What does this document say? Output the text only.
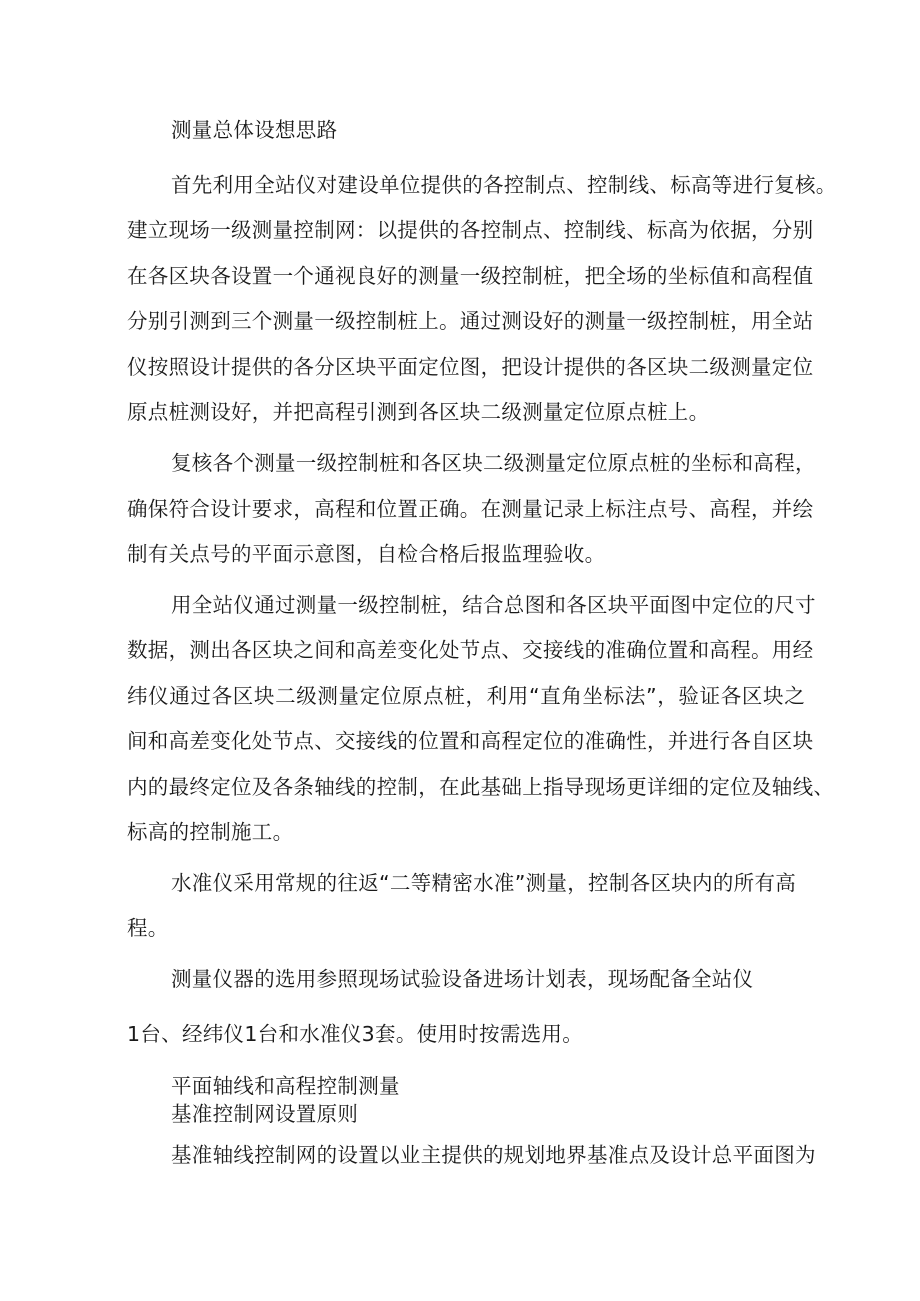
测量总体设想思路
首先利用全站仪对建设单位提供的各控制点、控制线、标高等进行复核。
建立现场一级测量控制网：以提供的各控制点、控制线、标高为依据，分别
在各区块各设置一个通视良好的测量一级控制桩，把全场的坐标值和高程值
分别引测到三个测量一级控制桩上。通过测设好的测量一级控制桩，用全站
仪按照设计提供的各分区块平面定位图，把设计提供的各区块二级测量定位
原点桩测设好，并把高程引测到各区块二级测量定位原点桩上。
复核各个测量一级控制桩和各区块二级测量定位原点桩的坐标和高程，
确保符合设计要求，高程和位置正确。在测量记录上标注点号、高程，并绘
制有关点号的平面示意图，自检合格后报监理验收。
用全站仪通过测量一级控制桩，结合总图和各区块平面图中定位的尺寸
数据，测出各区块之间和高差变化处节点、交接线的准确位置和高程。用经
纬仪通过各区块二级测量定位原点桩，利用“直角坐标法”，验证各区块之
间和高差变化处节点、交接线的位置和高程定位的准确性，并进行各自区块
内的最终定位及各条轴线的控制，在此基础上指导现场更详细的定位及轴线、
标高的控制施工。
水准仪采用常规的往返“二等精密水准”测量，控制各区块内的所有高
程。
测量仪器的选用参照现场试验设备进场计划表，现场配备全站仪
1台、经纬仪1台和水准仪3套。使用时按需选用。
平面轴线和高程控制测量
基准控制网设置原则
基准轴线控制网的设置以业主提供的规划地界基准点及设计总平面图为
